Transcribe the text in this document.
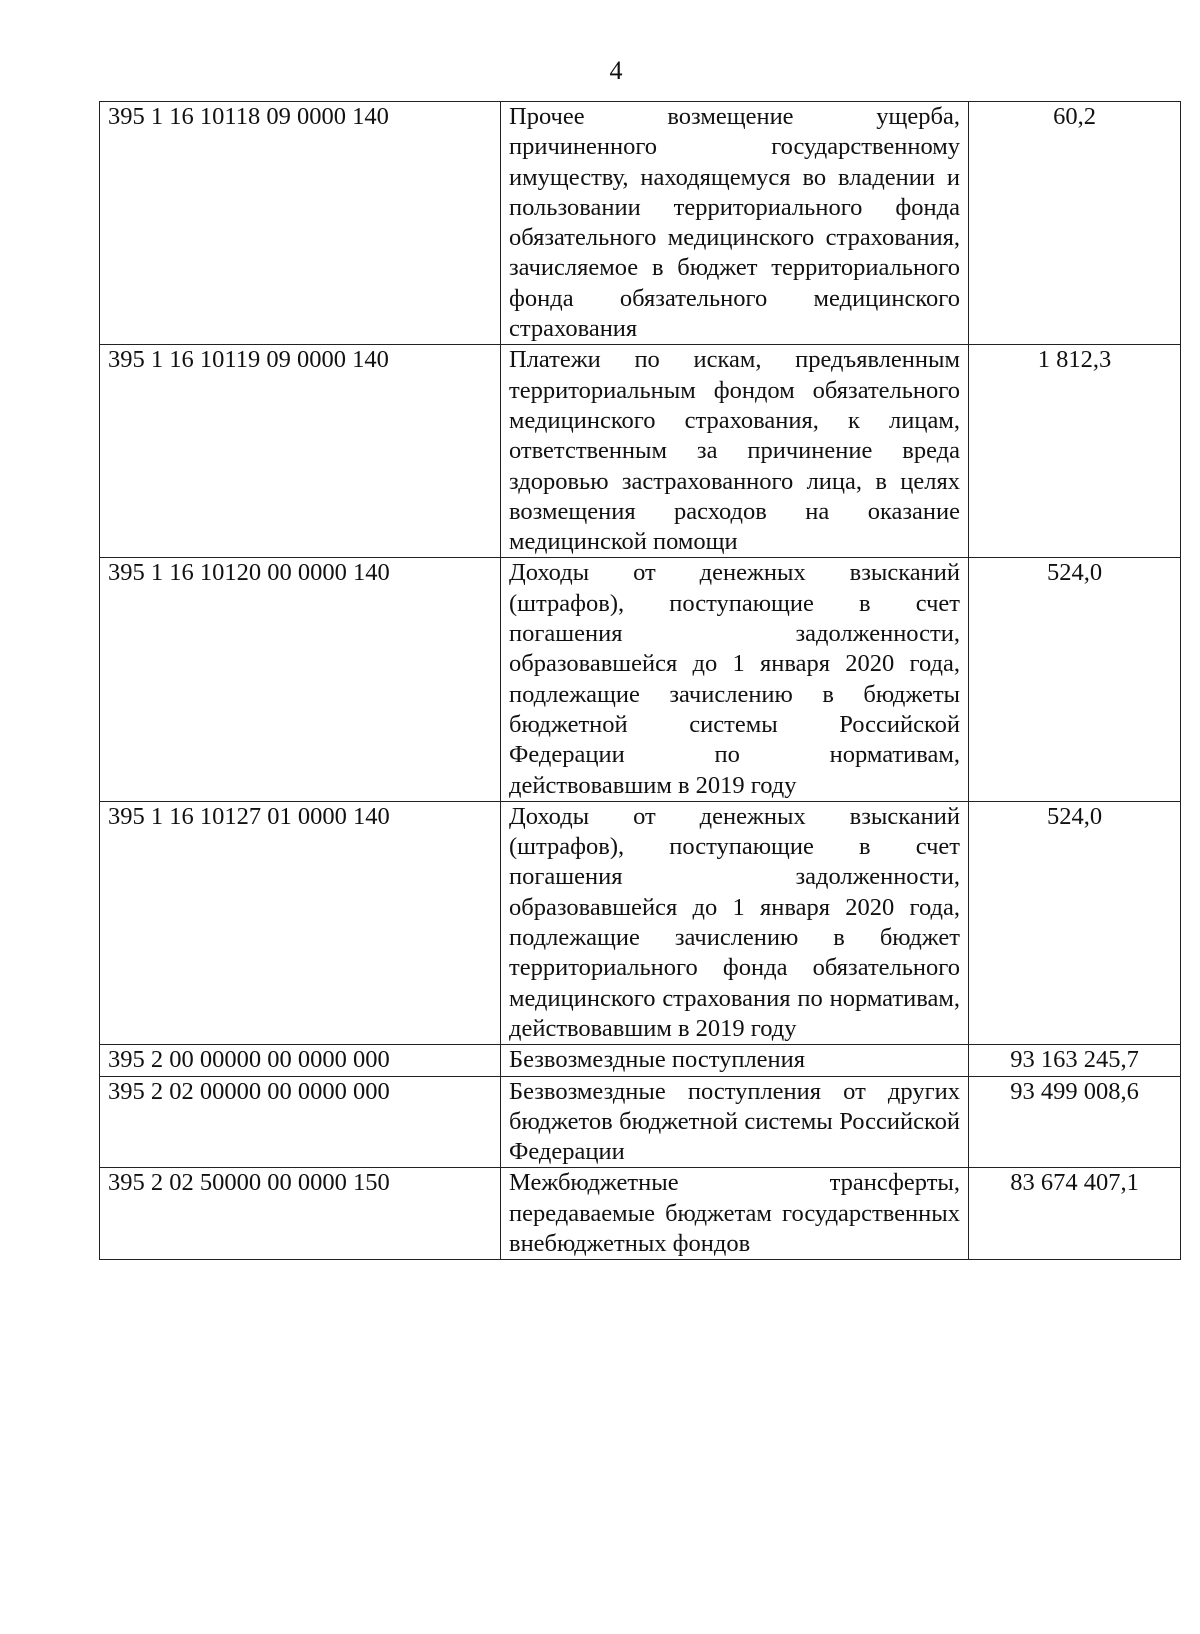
4
395 1 16 10118 09 0000 140	Прочее возмещение ущерба, причиненного государственному имуществу, находящемуся во владении и пользовании территориального фонда обязательного медицинского страхования, зачисляемое в бюджет территориального фонда обязательного медицинского страхования	60,2
395 1 16 10119 09 0000 140	Платежи по искам, предъявленным территориальным фондом обязательного медицинского страхования, к лицам, ответственным за причинение вреда здоровью застрахованного лица, в целях возмещения расходов на оказание медицинской помощи	1 812,3
395 1 16 10120 00 0000 140	Доходы от денежных взысканий (штрафов), поступающие в счет погашения задолженности, образовавшейся до 1 января 2020 года, подлежащие зачислению в бюджеты бюджетной системы Российской Федерации по нормативам, действовавшим в 2019 году	524,0
395 1 16 10127 01 0000 140	Доходы от денежных взысканий (штрафов), поступающие в счет погашения задолженности, образовавшейся до 1 января 2020 года, подлежащие зачислению в бюджет территориального фонда обязательного медицинского страхования по нормативам, действовавшим в 2019 году	524,0
395 2 00 00000 00 0000 000	Безвозмездные поступления	93 163 245,7
395 2 02 00000 00 0000 000	Безвозмездные поступления от других бюджетов бюджетной системы Российской Федерации	93 499 008,6
395 2 02 50000 00 0000 150	Межбюджетные трансферты, передаваемые бюджетам государственных внебюджетных фондов	83 674 407,1
